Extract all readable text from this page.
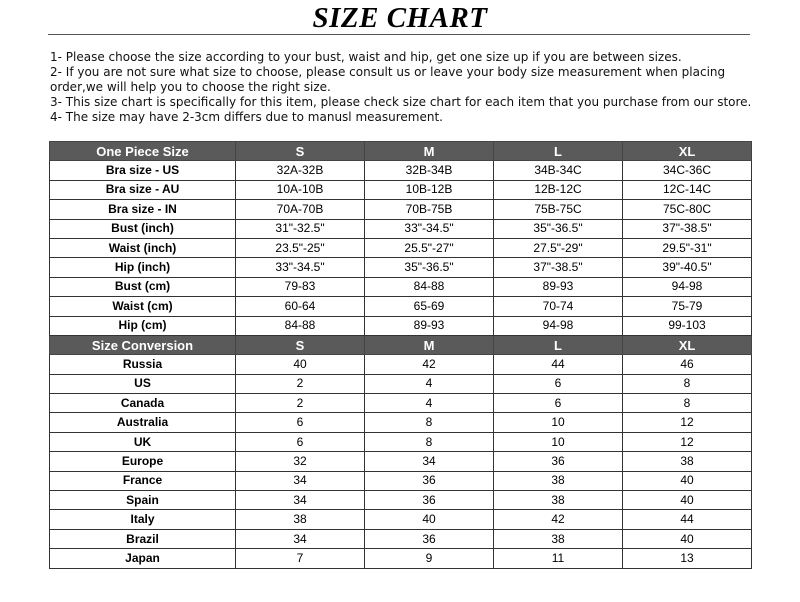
SIZE CHART
1- Please choose the size according to your bust, waist and hip, get one size up if you are between sizes.
2- If you are not sure what size to choose, please consult us or leave your body size measurement when placing order,we will help you to choose the right size.
3- This size chart is specifically for this item, please check size chart for each item that you purchase from our store.
4- The size may have 2-3cm differs due to manusl measurement.
One Piece Size	S	M	L	XL
Bra size - US	32A-32B	32B-34B	34B-34C	34C-36C
Bra size - AU	10A-10B	10B-12B	12B-12C	12C-14C
Bra size - IN	70A-70B	70B-75B	75B-75C	75C-80C
Bust (inch)	31"-32.5"	33"-34.5"	35"-36.5"	37"-38.5"
Waist (inch)	23.5"-25"	25.5"-27"	27.5"-29"	29.5"-31"
Hip (inch)	33"-34.5"	35"-36.5"	37"-38.5"	39"-40.5"
Bust (cm)	79-83	84-88	89-93	94-98
Waist (cm)	60-64	65-69	70-74	75-79
Hip (cm)	84-88	89-93	94-98	99-103
Size Conversion	S	M	L	XL
Russia	40	42	44	46
US	2	4	6	8
Canada	2	4	6	8
Australia	6	8	10	12
UK	6	8	10	12
Europe	32	34	36	38
France	34	36	38	40
Spain	34	36	38	40
Italy	38	40	42	44
Brazil	34	36	38	40
Japan	7	9	11	13
